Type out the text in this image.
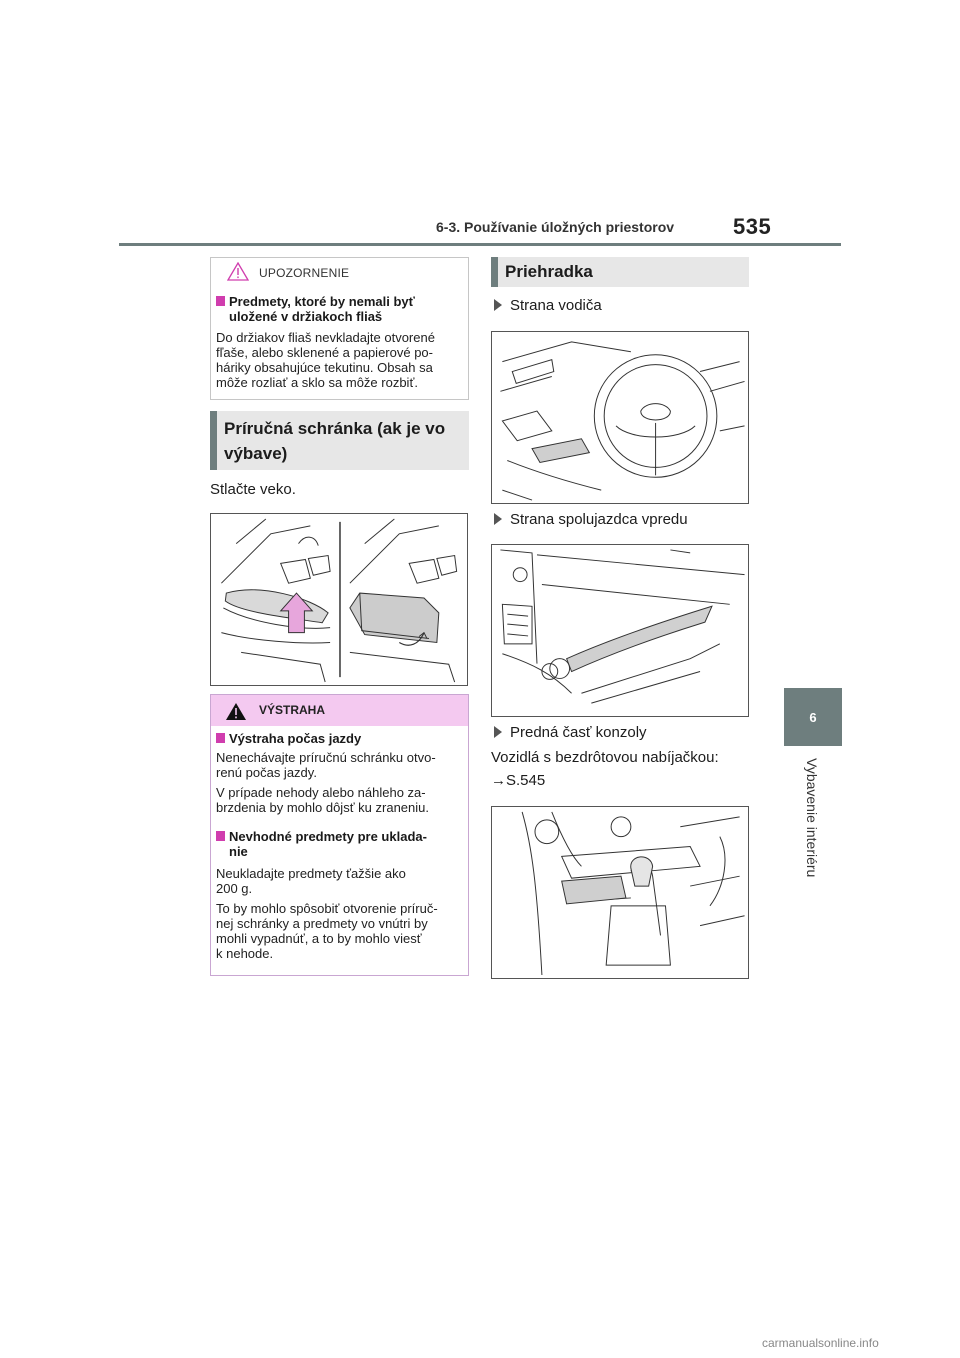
6-3. Používanie úložných priestorov	535
6
Vybavenie interiéru
UPOZORNENIE
Predmety, ktoré by nemali byť
uložené v držiakoch fliaš
Do držiakov fliaš nevkladajte otvorené
fľaše, alebo sklenené a papierové po-
háriky obsahujúce tekutinu. Obsah sa
môže rozliať a sklo sa môže rozbiť.
Príručná schránka (ak je vo
výbave)
Stlačte veko.
VÝSTRAHA
Výstraha počas jazdy
Nenechávajte príručnú schránku otvo-
renú počas jazdy.
V prípade nehody alebo náhleho za-
brzdenia by mohlo dôjsť ku zraneniu.
Nevhodné predmety pre uklada-
nie
Neukladajte predmety ťažšie ako
200 g.
To by mohlo spôsobiť otvorenie príruč-
nej schránky a predmety vo vnútri by
mohli vypadnúť, a to by mohlo viesť
k nehode.
Priehradka
Strana vodiča
Strana spolujazdca vpredu
Predná časť konzoly
Vozidlá s bezdrôtovou nabíjačkou:
→S.545
carmanualsonline.info
